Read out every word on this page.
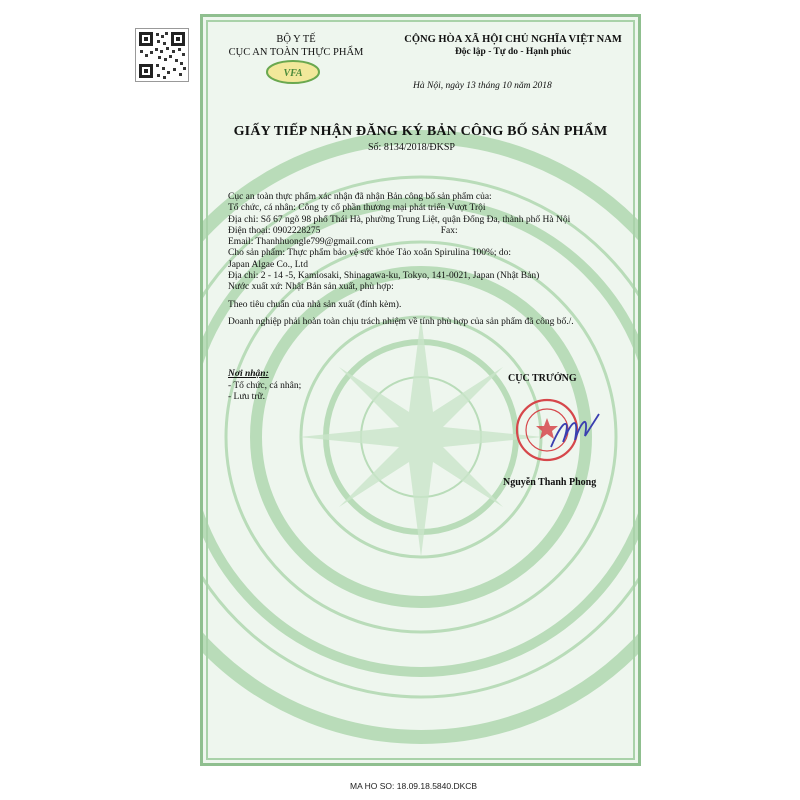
BỘ Y TẾ
CỤC AN TOÀN THỰC PHẨM
VFA
CỘNG HÒA XÃ HỘI CHỦ NGHĨA VIỆT NAM
Độc lập - Tự do - Hạnh phúc
Hà Nội, ngày 13 tháng 10 năm 2018
GIẤY TIẾP NHẬN ĐĂNG KÝ BẢN CÔNG BỐ SẢN PHẨM
Số: 8134/2018/ĐKSP
Cục an toàn thực phẩm xác nhận đã nhận Bản công bố sản phẩm của:
Tổ chức, cá nhân: Công ty cổ phần thương mại phát triển Vượt Trội
Địa chỉ: Số 67 ngõ 98 phố Thái Hà, phường Trung Liệt, quận Đống Đa, thành phố Hà Nội
Điện thoại: 0902228275	Fax:
Email: Thanhhuongle799@gmail.com
Cho sản phẩm: Thực phẩm bảo vệ sức khỏe Tảo xoắn Spirulina 100%; do:
Japan Algae Co., Ltd
Địa chỉ: 2 - 14 -5, Kamiosaki, Shinagawa-ku, Tokyo, 141-0021, Japan (Nhật Bản)
Nước xuất xứ: Nhật Bản sản xuất, phù hợp:
Theo tiêu chuẩn của nhà sản xuất (đính kèm).
Doanh nghiệp phải hoàn toàn chịu trách nhiệm về tính phù hợp của sản phẩm đã công bố./.
Nơi nhận:
- Tổ chức, cá nhân;
- Lưu trữ.
CỤC TRƯỞNG
Nguyễn Thanh Phong
MA HO SO: 18.09.18.5840.DKCB
